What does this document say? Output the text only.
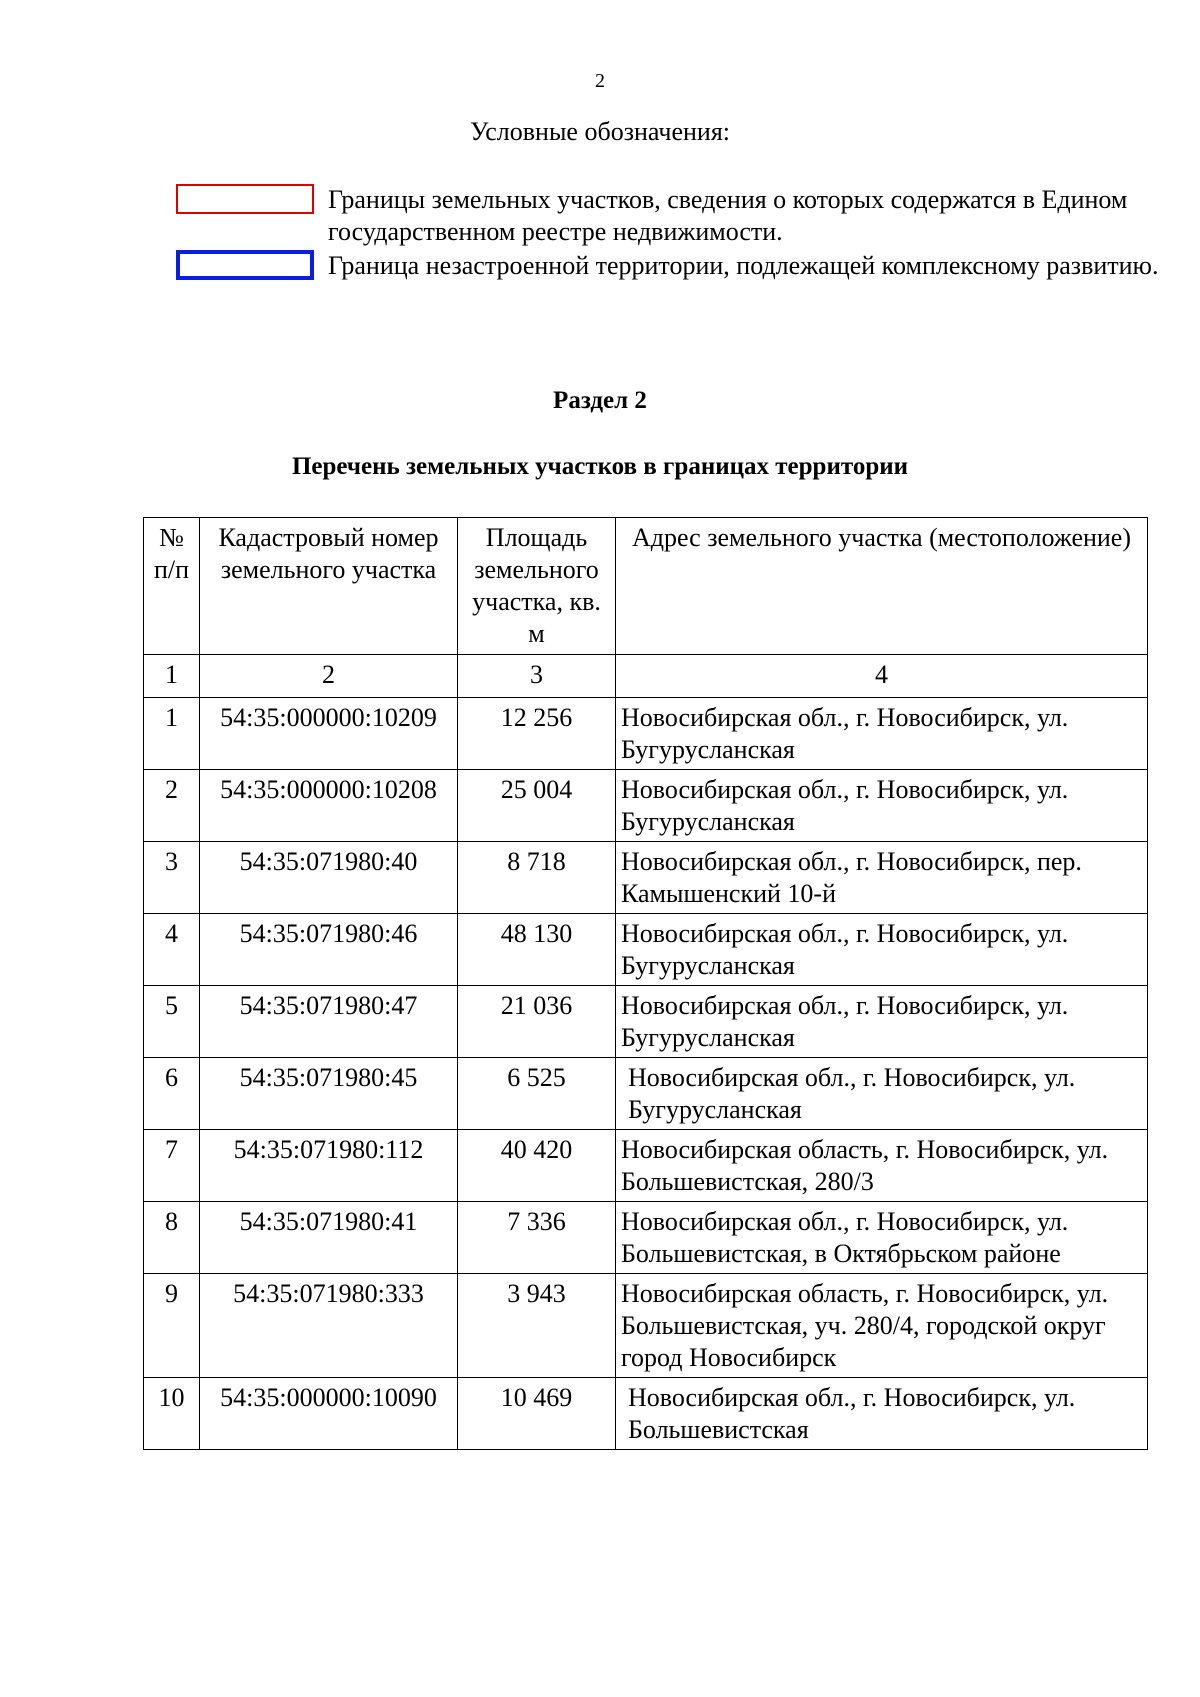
2
Условные обозначения:
Границы земельных участков, сведения о которых содержатся в Едином государственном реестре недвижимости.
Граница незастроенной территории, подлежащей комплексному развитию.
Раздел 2
Перечень земельных участков в границах территории
№ п/п	Кадастровый номер земельного участка	Площадь земельного участка, кв. м	Адрес земельного участка (местоположение)
1	2	3	4
1	54:35:000000:10209	12 256	Новосибирская обл., г. Новосибирск, ул. Бугурусланская
2	54:35:000000:10208	25 004	Новосибирская обл., г. Новосибирск, ул. Бугурусланская
3	54:35:071980:40	8 718	Новосибирская обл., г. Новосибирск, пер. Камышенский 10-й
4	54:35:071980:46	48 130	Новосибирская обл., г. Новосибирск, ул. Бугурусланская
5	54:35:071980:47	21 036	Новосибирская обл., г. Новосибирск, ул. Бугурусланская
6	54:35:071980:45	6 525	Новосибирская обл., г. Новосибирск, ул. Бугурусланская
7	54:35:071980:112	40 420	Новосибирская область, г. Новосибирск, ул. Большевистская, 280/3
8	54:35:071980:41	7 336	Новосибирская обл., г. Новосибирск, ул. Большевистская, в Октябрьском районе
9	54:35:071980:333	3 943	Новосибирская область, г. Новосибирск, ул. Большевистская, уч. 280/4, городской округ город Новосибирск
10	54:35:000000:10090	10 469	Новосибирская обл., г. Новосибирск, ул. Большевистская
